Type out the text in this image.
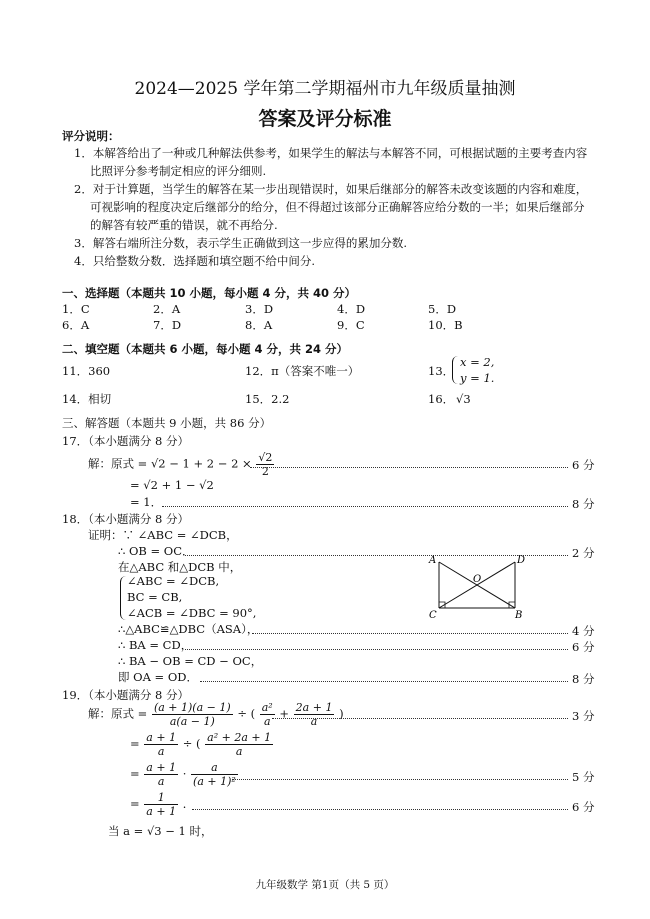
2024—2025 学年第二学期福州市九年级质量抽测
答案及评分标准
评分说明：
1．本解答给出了一种或几种解法供参考，如果学生的解法与本解答不同，可根据试题的主要考查内容
比照评分参考制定相应的评分细则.
2．对于计算题，当学生的解答在某一步出现错误时，如果后继部分的解答未改变该题的内容和难度，
可视影响的程度决定后继部分的给分，但不得超过该部分正确解答应给分数的一半；如果后继部分
的解答有较严重的错误，就不再给分.
3．解答右端所注分数，表示学生正确做到这一步应得的累加分数.
4．只给整数分数．选择题和填空题不给中间分.
一、选择题（本题共 10 小题，每小题 4 分，共 40 分）
1．C	2．A	3．D	4．D	5．D
6．A	7．D	8．A	9．C	10．B
二、填空题（本题共 6 小题，每小题 4 分，共 24 分）
11．360	12．π（答案不唯一）	13．
x = 2,
y = 1.
14．相切	15．2.2	16． √3
三、解答题（本题共 9 小题，共 86 分）
17．（本小题满分 8 分）
解：原式 = $√2 - 1 + 2 - 2 \times \frac{√2}{2}$	6 分
= √2 + 1 − √2
= 1．	8 分
18．（本小题满分 8 分）
证明：∵ ∠ABC = ∠DCB，
∴ OB = OC．	2 分
在△ABC 和△DCB 中，
∠ABC = ∠DCB,
BC = CB,
∠ACB = ∠DBC = 90°,
A	D
O
C	B
∴△ABC≌△DBC（ASA），	4 分
∴ BA = CD，	6 分
∴ BA − OB = CD − OC，
即 OA = OD．	8 分
19．（本小题满分 8 分）
解：原式 = $\frac{(a + 1)(a - 1)}{a(a - 1)}$ ÷ ( $\frac{\text{a²}}{a} + \frac{2a + 1}{a}$ )	3 分
= $\frac{a + 1}{a}$ ÷ ( $\frac{\text{a² + 2a + 1}}{a}$
= $\frac{a + 1}{a} \cdot \frac{a}{\text{(a + 1)²}}$	5 分
= $\frac{1}{a + 1}$ ．	6 分
当 a = √3 − 1 时，
九年级数学 第1页（共 5 页）
